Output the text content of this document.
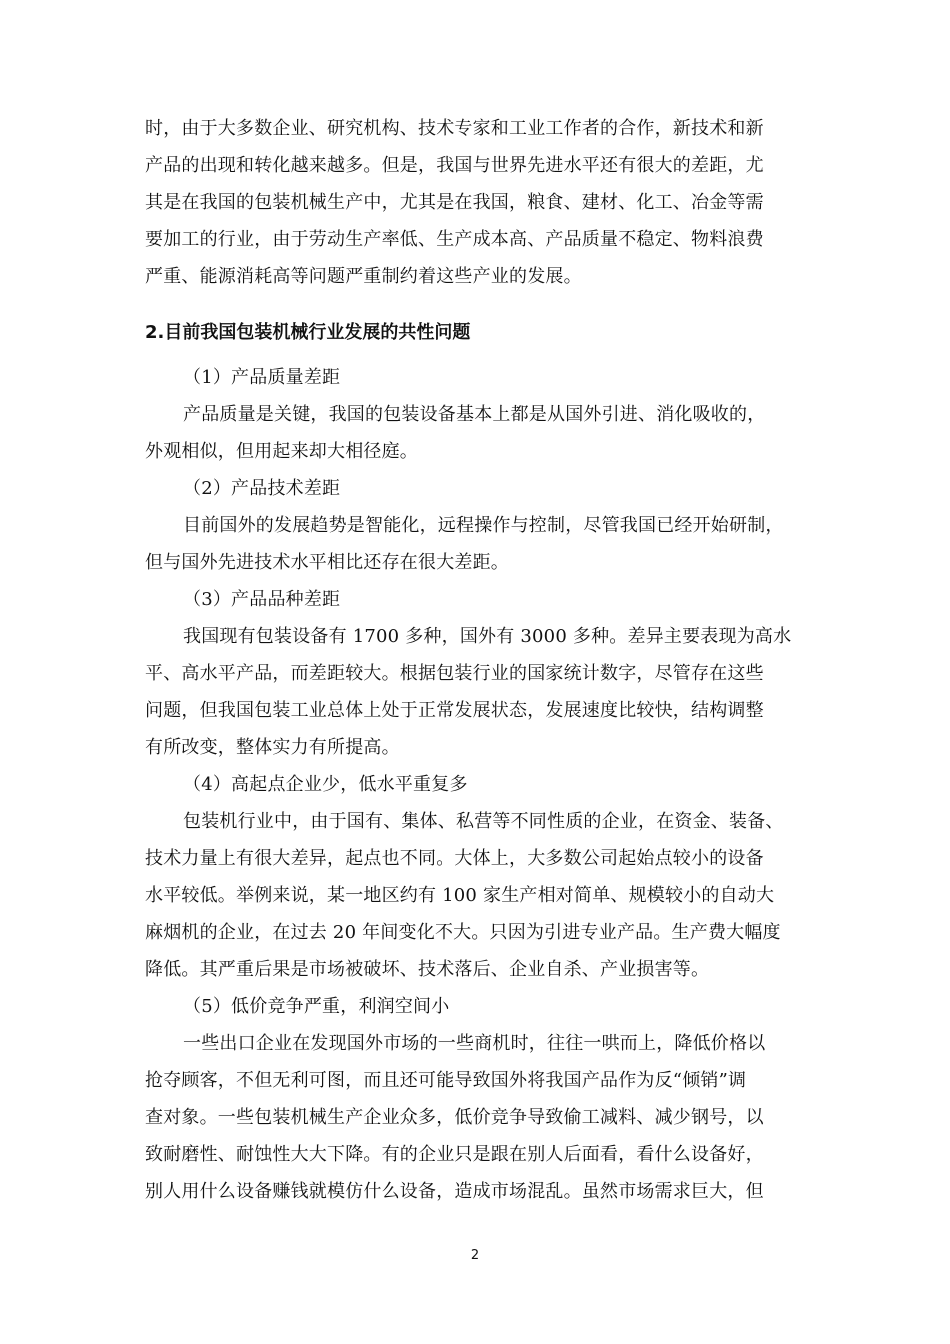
时，由于大多数企业、研究机构、技术专家和工业工作者的合作，新技术和新
产品的出现和转化越来越多。但是，我国与世界先进水平还有很大的差距，尤
其是在我国的包装机械生产中，尤其是在我国，粮食、建材、化工、冶金等需
要加工的行业，由于劳动生产率低、生产成本高、产品质量不稳定、物料浪费
严重、能源消耗高等问题严重制约着这些产业的发展。
2.目前我国包装机械行业发展的共性问题
（1）产品质量差距
产品质量是关键，我国的包装设备基本上都是从国外引进、消化吸收的，
外观相似，但用起来却大相径庭。
（2）产品技术差距
目前国外的发展趋势是智能化，远程操作与控制，尽管我国已经开始研制，
但与国外先进技术水平相比还存在很大差距。
（3）产品品种差距
我国现有包装设备有 1700 多种，国外有 3000 多种。差异主要表现为高水
平、高水平产品，而差距较大。根据包装行业的国家统计数字，尽管存在这些
问题，但我国包装工业总体上处于正常发展状态，发展速度比较快，结构调整
有所改变，整体实力有所提高。
（4）高起点企业少，低水平重复多
包装机行业中，由于国有、集体、私营等不同性质的企业，在资金、装备、
技术力量上有很大差异，起点也不同。大体上，大多数公司起始点较小的设备
水平较低。举例来说，某一地区约有 100 家生产相对简单、规模较小的自动大
麻烟机的企业，在过去 20 年间变化不大。只因为引进专业产品。生产费大幅度
降低。其严重后果是市场被破坏、技术落后、企业自杀、产业损害等。
（5）低价竞争严重，利润空间小
一些出口企业在发现国外市场的一些商机时，往往一哄而上，降低价格以
抢夺顾客，不但无利可图，而且还可能导致国外将我国产品作为反“倾销”调
查对象。一些包装机械生产企业众多，低价竞争导致偷工减料、减少钢号，以
致耐磨性、耐蚀性大大下降。有的企业只是跟在别人后面看，看什么设备好，
别人用什么设备赚钱就模仿什么设备，造成市场混乱。虽然市场需求巨大，但
2
